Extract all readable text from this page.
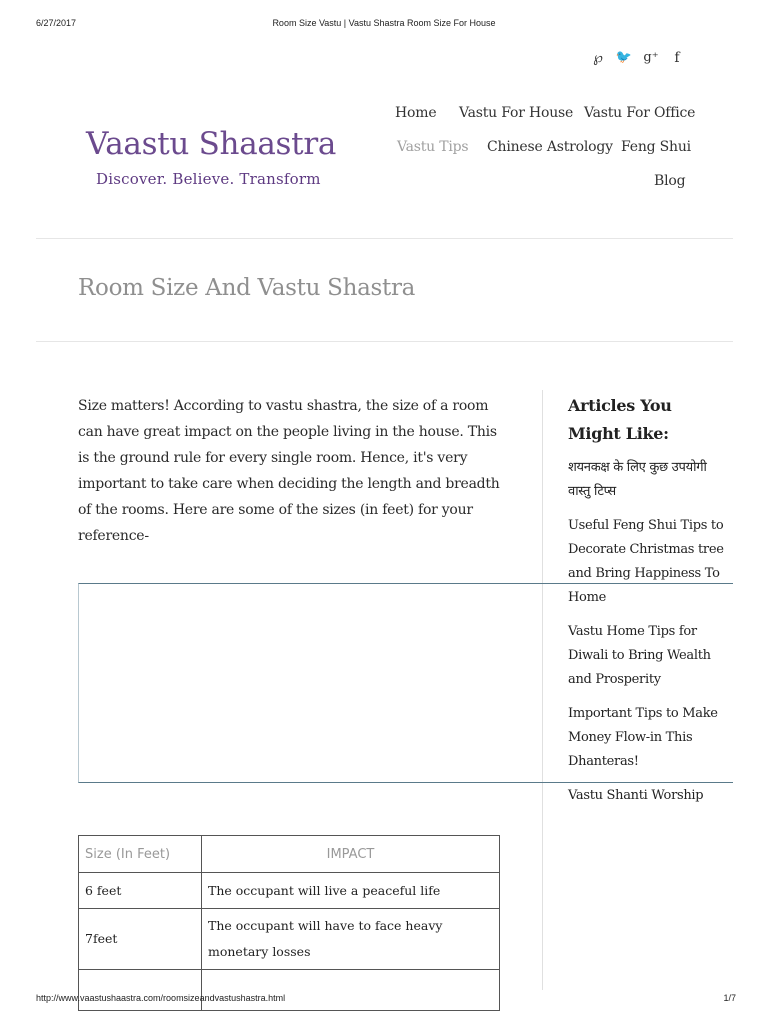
6/27/2017	Room Size Vastu | Vastu Shastra Room Size For House
℘	🐦 g⁺	f
Vaastu Shaastra
Discover. Believe. Transform
Home Vastu For House Vastu For Office
Vastu Tips Chinese Astrology Feng Shui
Blog
Room Size And Vastu Shastra
Size matters! According to vastu shastra, the size of a room can have great impact on the people living in the house. This is the ground rule for every single room. Hence, it's very important to take care when deciding the length and breadth of the rooms. Here are some of the sizes (in feet) for your reference-
Articles You Might Like:
शयनकक्ष के लिए कुछ उपयोगी वास्तु टिप्स
Useful Feng Shui Tips to Decorate Christmas tree and Bring Happiness To Home
Vastu Home Tips for Diwali to Bring Wealth and Prosperity
Important Tips to Make Money Flow-in This Dhanteras!
Vastu Shanti Worship
Size (In Feet)	IMPACT
6 feet	The occupant will live a peaceful life
7feet	The occupant will have to face heavy monetary losses

http://www.vaastushaastra.com/roomsizeandvastushastra.html	1/7
